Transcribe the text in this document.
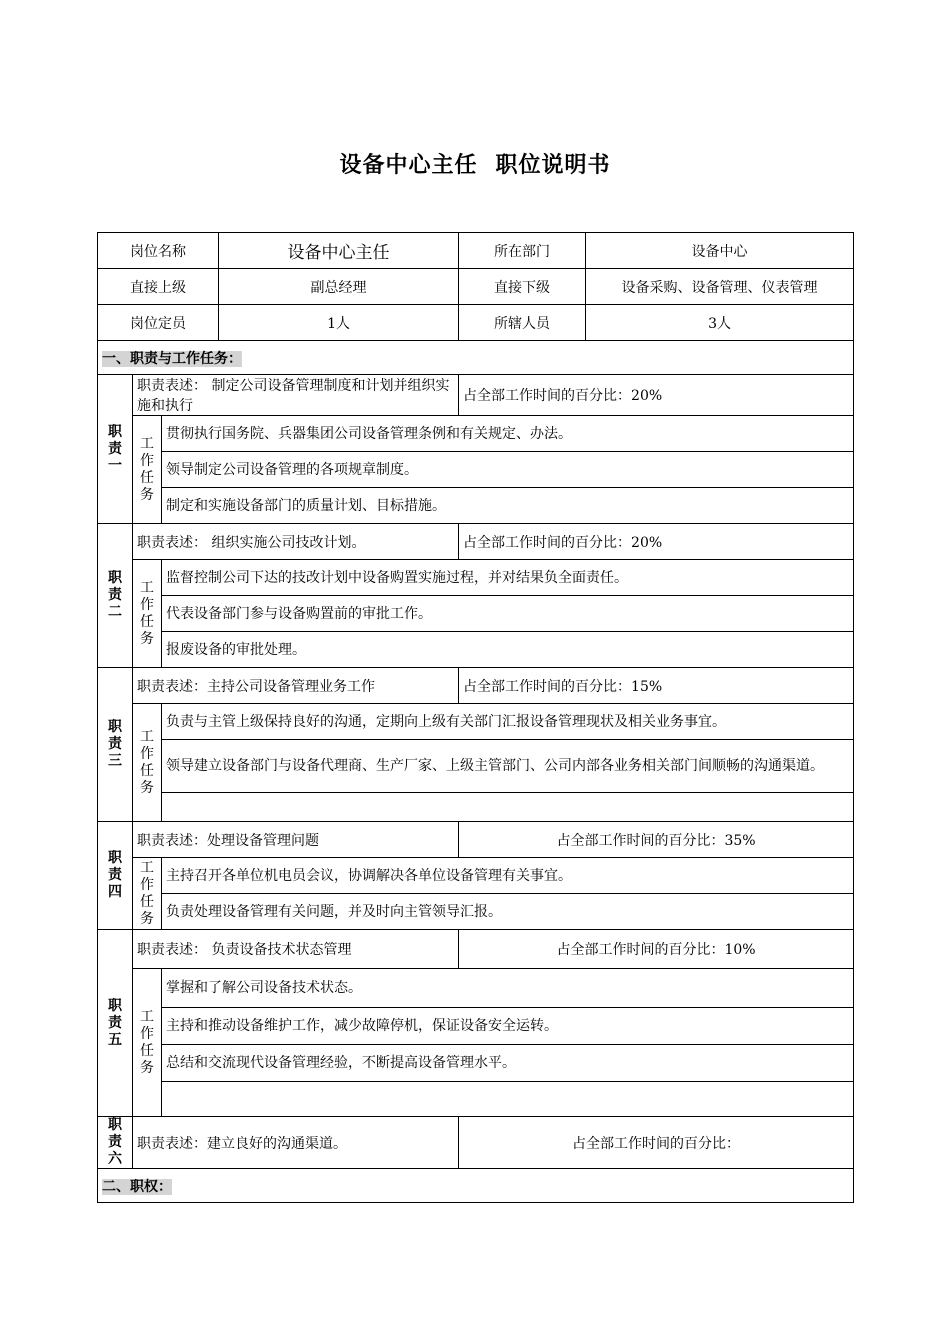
设备中心主任 职位说明书
岗位名称			设备中心主任	所在部门	设备中心
直接上级			副总经理	直接下级	设备采购、设备管理、仪表管理
岗位定员			1人	所辖人员	3人
一、职责与工作任务：					

职
责
一	职责表述： 制定公司设备管理制度和计划并组织实施和执行			占全部工作时间的百分比：20%	

	工
作
任
务	贯彻执行国务院、兵器集团公司设备管理条例和有关规定、办法。			
		领导制定公司设备管理的各项规章制度。			
		制定和实施设备部门的质量计划、目标措施。			

职
责
二	职责表述： 组织实施公司技改计划。			占全部工作时间的百分比：20%	

	工
作
任
务	监督控制公司下达的技改计划中设备购置实施过程，并对结果负全面责任。			
		代表设备部门参与设备购置前的审批工作。			
		报废设备的审批处理。			

职
责
三	职责表述：主持公司设备管理业务工作			占全部工作时间的百分比：15%	

	工
作
任
务	负责与主管上级保持良好的沟通，定期向上级有关部门汇报设备管理现状及相关业务事宜。			
		领导建立设备部门与设备代理商、生产厂家、上级主管部门、公司内部各业务相关部门间顺畅的沟通渠道。			

职
责
四	职责表述：处理设备管理问题			占全部工作时间的百分比：35%	

	工
作
任
务	主持召开各单位机电员会议，协调解决各单位设备管理有关事宜。			
		负责处理设备管理有关问题，并及时向主管领导汇报。			

职
责
五	职责表述： 负责设备技术状态管理			占全部工作时间的百分比：10%	

	工
作
任
务	掌握和了解公司设备技术状态。			
		主持和推动设备维护工作，减少故障停机，保证设备安全运转。			
		总结和交流现代设备管理经验，不断提高设备管理水平。			

职
责
六	职责表述：建立良好的沟通渠道。			占全部工作时间的百分比：	
二、职权：					
